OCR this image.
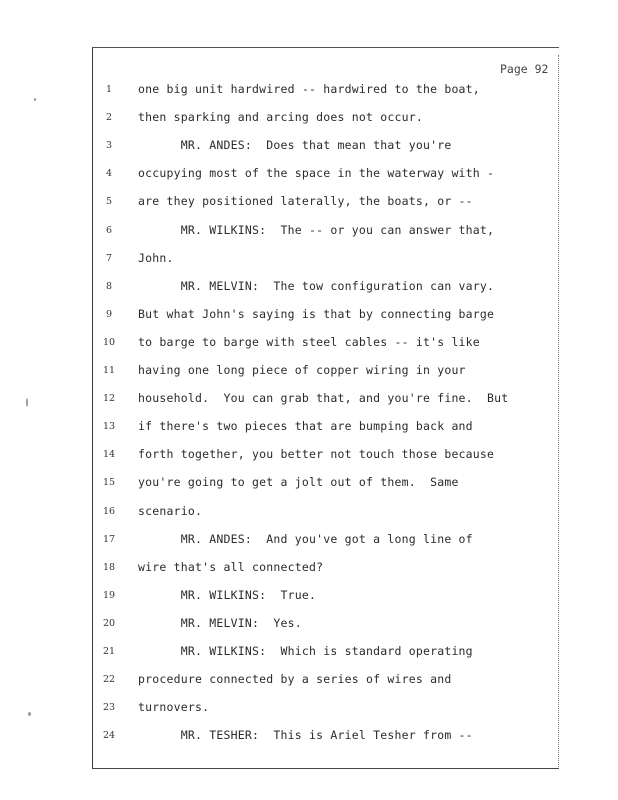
Page 92
1	one big unit hardwired -- hardwired to the boat,
2	then sparking and arcing does not occur.
3	MR. ANDES:  Does that mean that you're
4	occupying most of the space in the waterway with -
5	are they positioned laterally, the boats, or --
6	MR. WILKINS:  The -- or you can answer that,
7	John.
8	MR. MELVIN:  The tow configuration can vary.
9	But what John's saying is that by connecting barge
10	to barge to barge with steel cables -- it's like
11	having one long piece of copper wiring in your
12	household.  You can grab that, and you're fine.  But
13	if there's two pieces that are bumping back and
14	forth together, you better not touch those because
15	you're going to get a jolt out of them.  Same
16	scenario.
17	MR. ANDES:  And you've got a long line of
18	wire that's all connected?
19	MR. WILKINS:  True.
20	MR. MELVIN:  Yes.
21	MR. WILKINS:  Which is standard operating
22	procedure connected by a series of wires and
23	turnovers.
24	MR. TESHER:  This is Ariel Tesher from --
